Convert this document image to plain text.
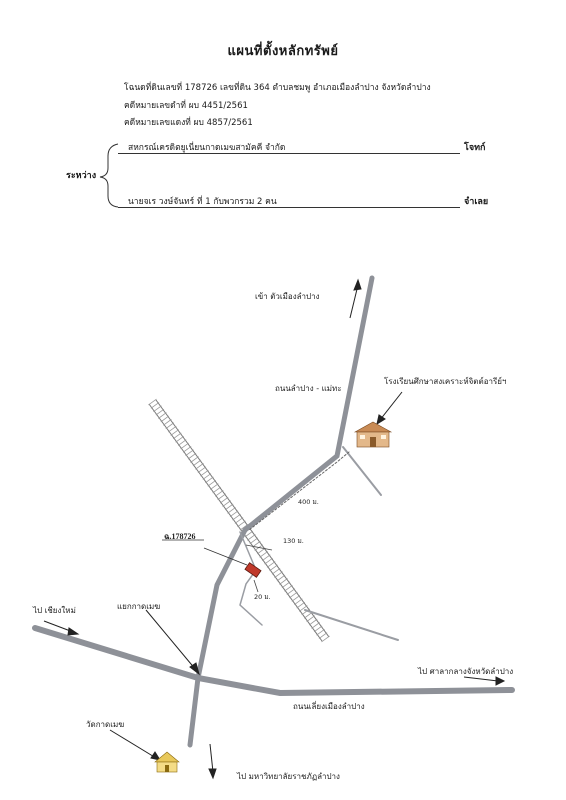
แผนที่ตั้งหลักทรัพย์
โฉนดที่ดินเลขที่ 178726 เลขที่ดิน 364 ตำบลชมพู อำเภอเมืองลำปาง จังหวัดลำปาง
คดีหมายเลขดำที่ ผบ 4451/2561
คดีหมายเลขแดงที่ ผบ 4857/2561
สหกรณ์เครดิตยูเนี่ยนกาดเมฆสามัคคี จำกัด	โจทก์
ระหว่าง
นายจเร วงษ์จันทร์ ที่ 1 กับพวกรวม 2 คน	จำเลย
เข้า ตัวเมืองลำปาง
ถนนลำปาง - แม่ทะ
โรงเรียนศึกษาสงเคราะห์จิตต์อารีย์ฯ
400 ม.
130 ม.
20 ม.
ฉ.178726
แยกกาดเมฆ
ไป เชียงใหม่
ไป ศาลากลางจังหวัดลำปาง
ถนนเลี่ยงเมืองลำปาง
วัดกาดเมฆ
ไป มหาวิทยาลัยราชภัฏลำปาง
